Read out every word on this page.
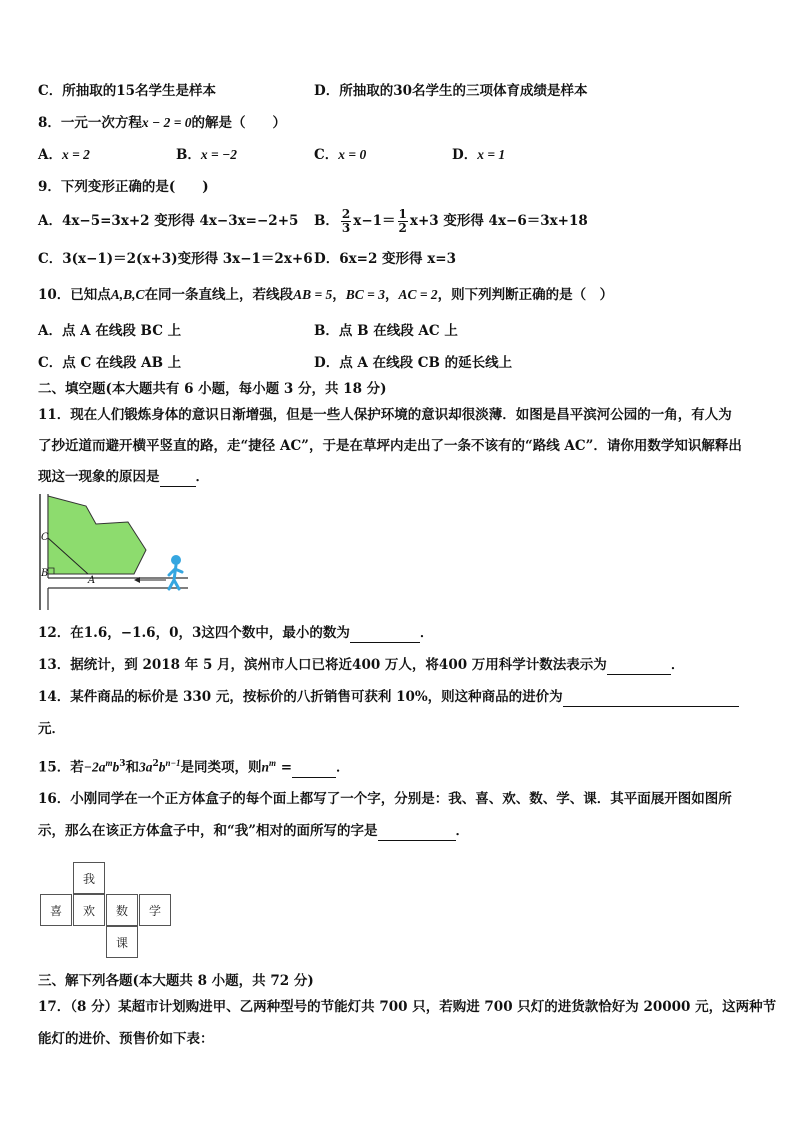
C．所抽取的15名学生是样本	D．所抽取的30名学生的三项体育成绩是样本
8．一元一次方程x − 2 = 0的解是（　　）
A．x = 2	B．x = −2	C．x = 0	D．x = 1
9．下列变形正确的是(　　)
A．4x−5=3x+2 变形得 4x−3x=−2+5 B． $\frac{2}{3} x-1= \frac{1}{2} x+3$ 变形得 4x−6＝3x+18
C．3(x−1)＝2(x+3)变形得 3x−1＝2x+6 D．6x=2 变形得 x=3
10．已知点A,B,C在同一条直线上，若线段AB = 5，BC = 3，AC = 2，则下列判断正确的是（　）
A．点 A 在线段 BC 上	B．点 B 在线段 AC 上
C．点 C 在线段 AB 上	D．点 A 在线段 CB 的延长线上
二、填空题(本大题共有 6 小题，每小题 3 分，共 18 分)
11．现在人们锻炼身体的意识日渐增强，但是一些人保护环境的意识却很淡薄．如图是昌平滨河公园的一角，有人为
了抄近道而避开横平竖直的路，走“捷径 AC”，于是在草坪内走出了一条不该有的“路线 AC”．请你用数学知识解释出
现这一现象的原因是	．
C
B
A
12．在1.6，−1.6，0，3这四个数中，最小的数为	．
13．据统计，到 2018 年 5 月，滨州市人口已将近400 万人，将400 万用科学计数法表示为	．
14．某件商品的标价是 330 元，按标价的八折销售可获利 10%，则这种商品的进价为
元．
15．若$-2a^mb^3$和$3a^2b^{n-1}$是同类项，则$n^m$ =	．
16．小刚同学在一个正方体盒子的每个面上都写了一个字，分别是：我、喜、欢、数、学、课．其平面展开图如图所
示，那么在该正方体盒子中，和“我”相对的面所写的字是	．
我
喜	欢	数	学
课
三、解下列各题(本大题共 8 小题，共 72 分)
17．（8 分）某超市计划购进甲、乙两种型号的节能灯共 700 只，若购进 700 只灯的进货款恰好为 20000 元，这两种节
能灯的进价、预售价如下表：
